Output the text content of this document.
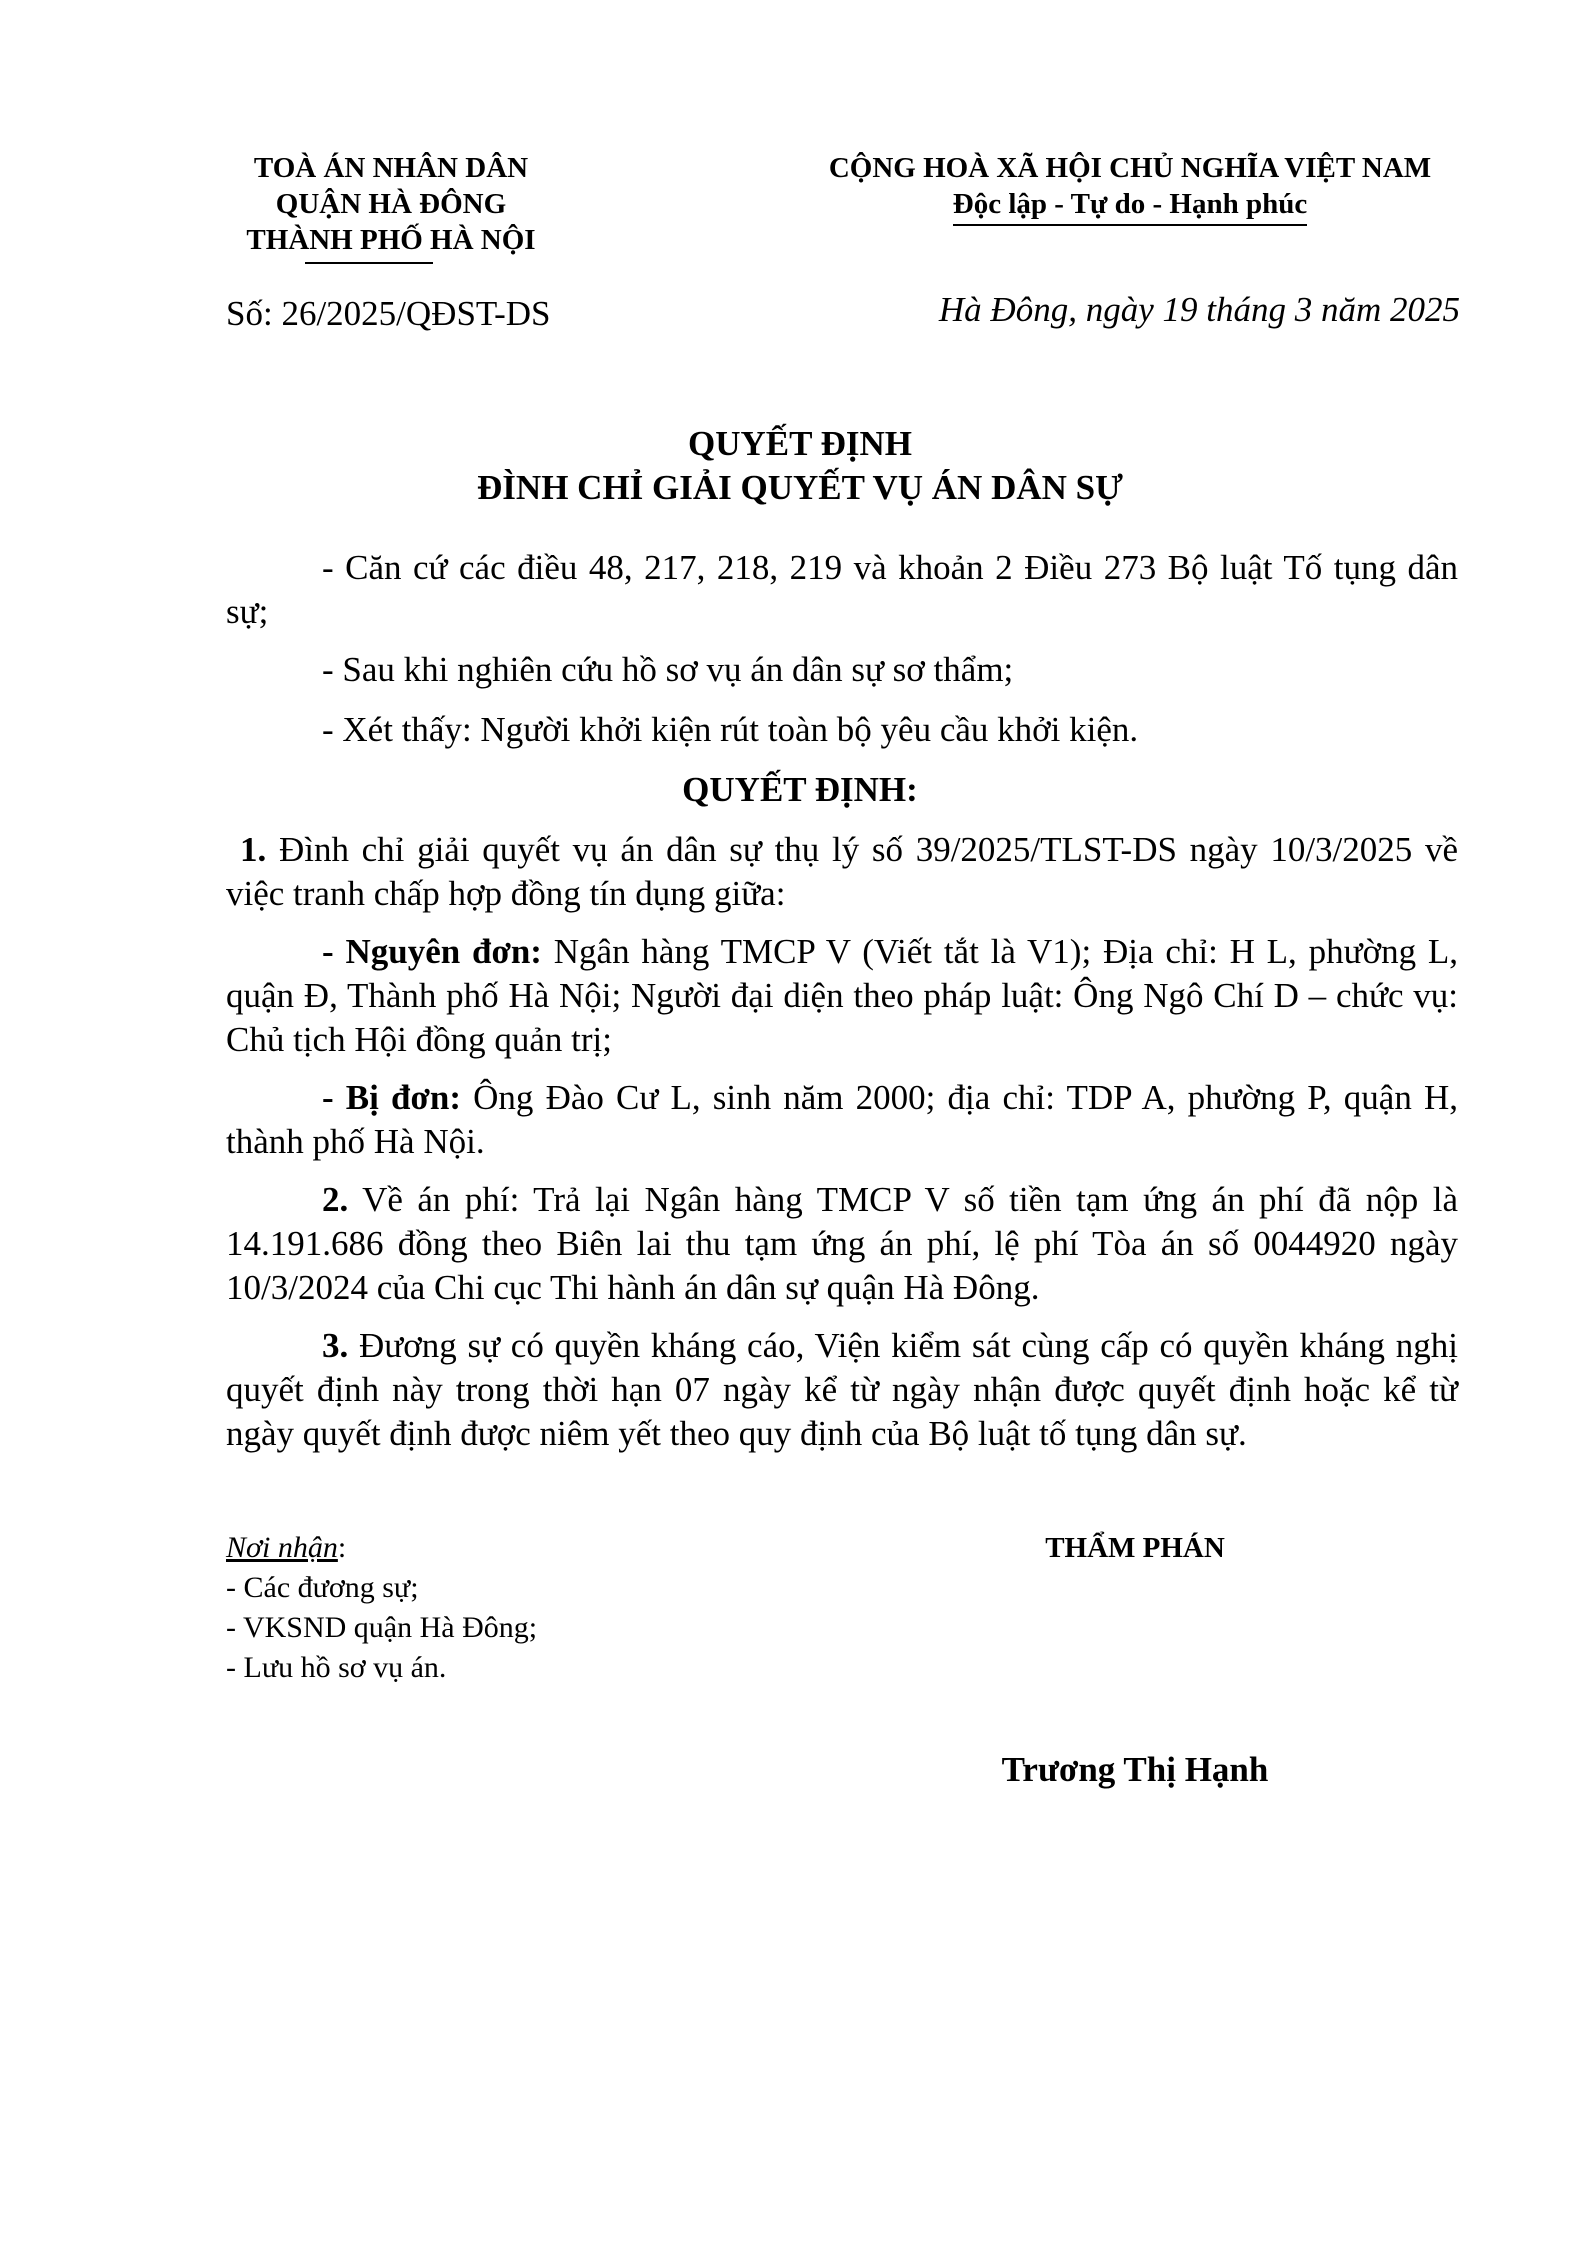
TOÀ ÁN NHÂN DÂN
QUẬN HÀ ĐÔNG
THÀNH PHỐ HÀ NỘI
CỘNG HOÀ XÃ HỘI CHỦ NGHĨA VIỆT NAM
Độc lập - Tự do - Hạnh phúc
Số: 26/2025/QĐST-DS	Hà Đông, ngày 19 tháng 3 năm 2025
QUYẾT ĐỊNH
ĐÌNH CHỈ GIẢI QUYẾT VỤ ÁN DÂN SỰ
- Căn cứ các điều 48, 217, 218, 219 và khoản 2 Điều 273 Bộ luật Tố tụng dân sự;
- Sau khi nghiên cứu hồ sơ vụ án dân sự sơ thẩm;
- Xét thấy: Người khởi kiện rút toàn bộ yêu cầu khởi kiện.
QUYẾT ĐỊNH:
1. Đình chỉ giải quyết vụ án dân sự thụ lý số 39/2025/TLST-DS ngày 10/3/2025 về việc tranh chấp hợp đồng tín dụng giữa:
- Nguyên đơn: Ngân hàng TMCP V (Viết tắt là V1); Địa chỉ: H L, phường L, quận Đ, Thành phố Hà Nội; Người đại diện theo pháp luật: Ông Ngô Chí D – chức vụ: Chủ tịch Hội đồng quản trị;
- Bị đơn: Ông Đào Cư L, sinh năm 2000; địa chỉ: TDP A, phường P, quận H, thành phố Hà Nội.
2. Về án phí: Trả lại Ngân hàng TMCP V số tiền tạm ứng án phí đã nộp là 14.191.686 đồng theo Biên lai thu tạm ứng án phí, lệ phí Tòa án số 0044920 ngày 10/3/2024 của Chi cục Thi hành án dân sự quận Hà Đông.
3. Đương sự có quyền kháng cáo, Viện kiểm sát cùng cấp có quyền kháng nghị quyết định này trong thời hạn 07 ngày kể từ ngày nhận được quyết định hoặc kể từ ngày quyết định được niêm yết theo quy định của Bộ luật tố tụng dân sự.
Nơi nhận:
- Các đương sự;
- VKSND quận Hà Đông;
- Lưu hồ sơ vụ án.
THẨM PHÁN
Trương Thị Hạnh
